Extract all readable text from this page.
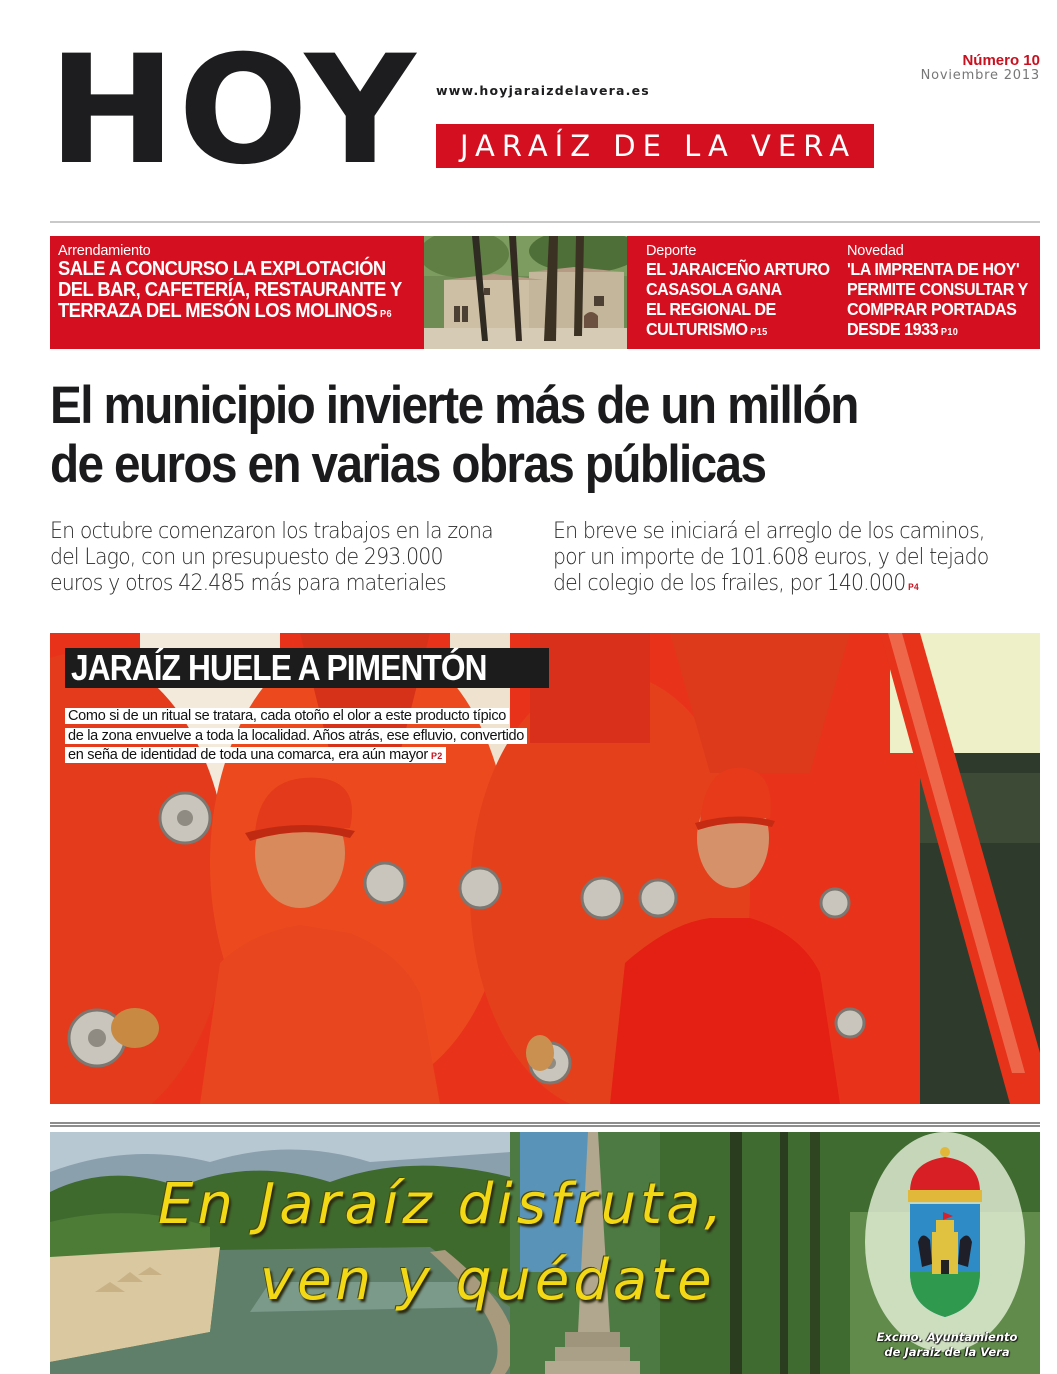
HOY www.hoyjaraizdelavera.es
JARAÍZ DE LA VERA
Número 10
Noviembre 2013
Arrendamiento
SALE A CONCURSO LA EXPLOTACIÓN
DEL BAR, CAFETERÍA, RESTAURANTE Y
TERRAZA DEL MESÓN LOS MOLINOS P6
Deporte
EL JARAICEÑO ARTURO
CASASOLA GANA
EL REGIONAL DE
CULTURISMO P15
Novedad
'LA IMPRENTA DE HOY'
PERMITE CONSULTAR Y
COMPRAR PORTADAS
DESDE 1933 P10
El municipio invierte más de un millón
de euros en varias obras públicas
En octubre comenzaron los trabajos en la zona
del Lago, con un presupuesto de 293.000
euros y otros 42.485 más para materiales
En breve se iniciará el arreglo de los caminos,
por un importe de 101.608 euros, y del tejado
del colegio de los frailes, por 140.000 P4
JARAÍZ HUELE A PIMENTÓN
Como si de un ritual se tratara, cada otoño el olor a este producto típico
de la zona envuelve a toda la localidad. Años atrás, ese efluvio, convertido
en seña de identidad de toda una comarca, era aún mayor P2
En Jaraíz disfruta,
ven y quédate
Excmo. Ayuntamiento
de Jaraiz de la Vera
